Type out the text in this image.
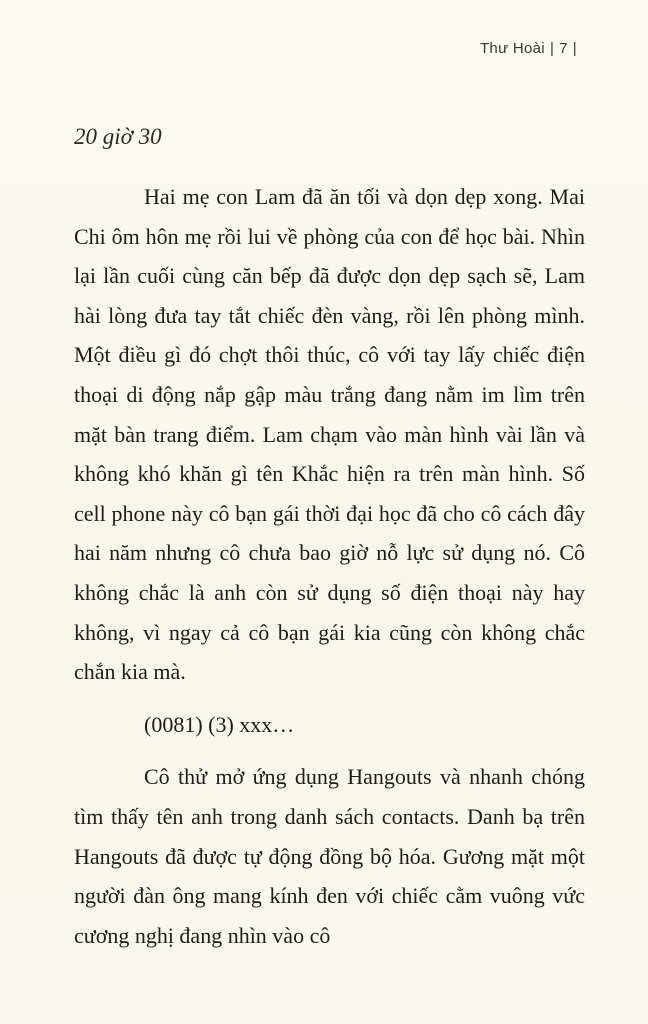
Thư Hoài | 7 |
20 giờ 30

Hai mẹ con Lam đã ăn tối và dọn dẹp xong. Mai Chi ôm hôn mẹ rồi lui về phòng của con để học bài. Nhìn lại lần cuối cùng căn bếp đã được dọn dẹp sạch sẽ, Lam hài lòng đưa tay tắt chiếc đèn vàng, rồi lên phòng mình. Một điều gì đó chợt thôi thúc, cô với tay lấy chiếc điện thoại di động nắp gập màu trắng đang nằm im lìm trên mặt bàn trang điểm. Lam chạm vào màn hình vài lần và không khó khăn gì tên Khắc hiện ra trên màn hình. Số cell phone này cô bạn gái thời đại học đã cho cô cách đây hai năm nhưng cô chưa bao giờ nỗ lực sử dụng nó. Cô không chắc là anh còn sử dụng số điện thoại này hay không, vì ngay cả cô bạn gái kia cũng còn không chắc chắn kia mà.

(0081) (3) xxx…

Cô thử mở ứng dụng Hangouts và nhanh chóng tìm thấy tên anh trong danh sách contacts. Danh bạ trên Hangouts đã được tự động đồng bộ hóa. Gương mặt một người đàn ông mang kính đen với chiếc cằm vuông vức cương nghị đang nhìn vào cô
